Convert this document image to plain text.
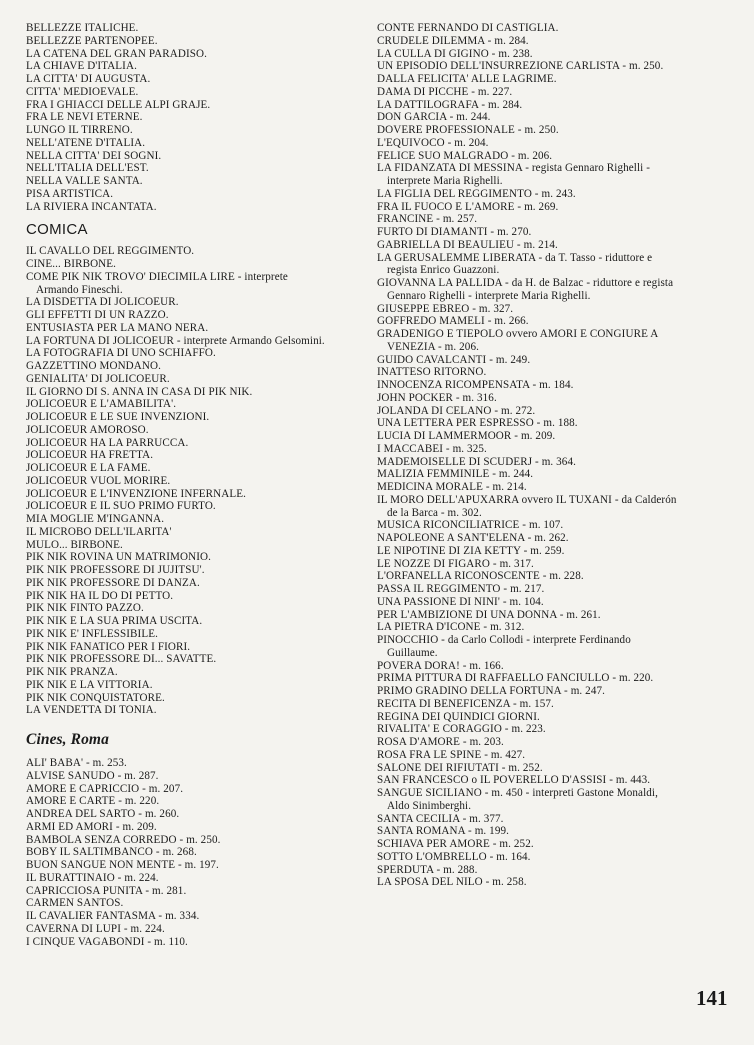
BELLEZZE ITALICHE.
BELLEZZE PARTENOPEE.
LA CATENA DEL GRAN PARADISO.
LA CHIAVE D'ITALIA.
LA CITTA' DI AUGUSTA.
CITTA' MEDIOEVALE.
FRA I GHIACCI DELLE ALPI GRAJE.
FRA LE NEVI ETERNE.
LUNGO IL TIRRENO.
NELL'ATENE D'ITALIA.
NELLA CITTA' DEI SOGNI.
NELL'ITALIA DELL'EST.
NELLA VALLE SANTA.
PISA ARTISTICA.
LA RIVIERA INCANTATA.
COMICA
IL CAVALLO DEL REGGIMENTO.
CINE... BIRBONE.
COME PIK NIK TROVO' DIECIMILA LIRE - interprete Armando Fineschi.
LA DISDETTA DI JOLICOEUR.
GLI EFFETTI DI UN RAZZO.
ENTUSIASTA PER LA MANO NERA.
LA FORTUNA DI JOLICOEUR - interprete Armando Gelsomini.
LA FOTOGRAFIA DI UNO SCHIAFFO.
GAZZETTINO MONDANO.
GENIALITA' DI JOLICOEUR.
IL GIORNO DI S. ANNA IN CASA DI PIK NIK.
JOLICOEUR E L'AMABILITA'.
JOLICOEUR E LE SUE INVENZIONI.
JOLICOEUR AMOROSO.
JOLICOEUR HA LA PARRUCCA.
JOLICOEUR HA FRETTA.
JOLICOEUR E LA FAME.
JOLICOEUR VUOL MORIRE.
JOLICOEUR E L'INVENZIONE INFERNALE.
JOLICOEUR E IL SUO PRIMO FURTO.
MIA MOGLIE M'INGANNA.
IL MICROBO DELL'ILARITA'
MULO... BIRBONE.
PIK NIK ROVINA UN MATRIMONIO.
PIK NIK PROFESSORE DI JUJITSU'.
PIK NIK PROFESSORE DI DANZA.
PIK NIK HA IL DO DI PETTO.
PIK NIK FINTO PAZZO.
PIK NIK E LA SUA PRIMA USCITA.
PIK NIK E' INFLESSIBILE.
PIK NIK FANATICO PER I FIORI.
PIK NIK PROFESSORE DI... SAVATTE.
PIK NIK PRANZA.
PIK NIK E LA VITTORIA.
PIK NIK CONQUISTATORE.
LA VENDETTA DI TONIA.
Cines, Roma
ALI' BABA' - m. 253.
ALVISE SANUDO - m. 287.
AMORE E CAPRICCIO - m. 207.
AMORE E CARTE - m. 220.
ANDREA DEL SARTO - m. 260.
ARMI ED AMORI - m. 209.
BAMBOLA SENZA CORREDO - m. 250.
BOBY IL SALTIMBANCO - m. 268.
BUON SANGUE NON MENTE - m. 197.
IL BURATTINAIO - m. 224.
CAPRICCIOSA PUNITA - m. 281.
CARMEN SANTOS.
IL CAVALIER FANTASMA - m. 334.
CAVERNA DI LUPI - m. 224.
I CINQUE VAGABONDI - m. 110.
CONTE FERNANDO DI CASTIGLIA.
CRUDELE DILEMMA - m. 284.
LA CULLA DI GIGINO - m. 238.
UN EPISODIO DELL'INSURREZIONE CARLISTA - m. 250.
DALLA FELICITA' ALLE LAGRIME.
DAMA DI PICCHE - m. 227.
LA DATTILOGRAFA - m. 284.
DON GARCIA - m. 244.
DOVERE PROFESSIONALE - m. 250.
L'EQUIVOCO - m. 204.
FELICE SUO MALGRADO - m. 206.
LA FIDANZATA DI MESSINA - regista Gennaro Righelli - interprete Maria Righelli.
LA FIGLIA DEL REGGIMENTO - m. 243.
FRA IL FUOCO E L'AMORE - m. 269.
FRANCINE - m. 257.
FURTO DI DIAMANTI - m. 270.
GABRIELLA DI BEAULIEU - m. 214.
LA GERUSALEMME LIBERATA - da T. Tasso - riduttore e regista Enrico Guazzoni.
GIOVANNA LA PALLIDA - da H. de Balzac - riduttore e regista Gennaro Righelli - interprete Maria Righelli.
GIUSEPPE EBREO - m. 327.
GOFFREDO MAMELI - m. 266.
GRADENIGO E TIEPOLO ovvero AMORI E CONGIURE A VENEZIA - m. 206.
GUIDO CAVALCANTI - m. 249.
INATTESO RITORNO.
INNOCENZA RICOMPENSATA - m. 184.
JOHN POCKER - m. 316.
JOLANDA DI CELANO - m. 272.
UNA LETTERA PER ESPRESSO - m. 188.
LUCIA DI LAMMERMOOR - m. 209.
I MACCABEI - m. 325.
MADEMOISELLE DI SCUDERJ - m. 364.
MALIZIA FEMMINILE - m. 244.
MEDICINA MORALE - m. 214.
IL MORO DELL'APUXARRA ovvero IL TUXANI - da Calderón de la Barca - m. 302.
MUSICA RICONCILIATRICE - m. 107.
NAPOLEONE A SANT'ELENA - m. 262.
LE NIPOTINE DI ZIA KETTY - m. 259.
LE NOZZE DI FIGARO - m. 317.
L'ORFANELLA RICONOSCENTE - m. 228.
PASSA IL REGGIMENTO - m. 217.
UNA PASSIONE DI NINI' - m. 104.
PER L'AMBIZIONE DI UNA DONNA - m. 261.
LA PIETRA D'ICONE - m. 312.
PINOCCHIO - da Carlo Collodi - interprete Ferdinando Guillaume.
POVERA DORA! - m. 166.
PRIMA PITTURA DI RAFFAELLO FANCIULLO - m. 220.
PRIMO GRADINO DELLA FORTUNA - m. 247.
RECITA DI BENEFICENZA - m. 157.
REGINA DEI QUINDICI GIORNI.
RIVALITA' E CORAGGIO - m. 223.
ROSA D'AMORE - m. 203.
ROSA FRA LE SPINE - m. 427.
SALONE DEI RIFIUTATI - m. 252.
SAN FRANCESCO o IL POVERELLO D'ASSISI - m. 443.
SANGUE SICILIANO - m. 450 - interpreti Gastone Monaldi, Aldo Sinimberghi.
SANTA CECILIA - m. 377.
SANTA ROMANA - m. 199.
SCHIAVA PER AMORE - m. 252.
SOTTO L'OMBRELLO - m. 164.
SPERDUTA - m. 288.
LA SPOSA DEL NILO - m. 258.
141
